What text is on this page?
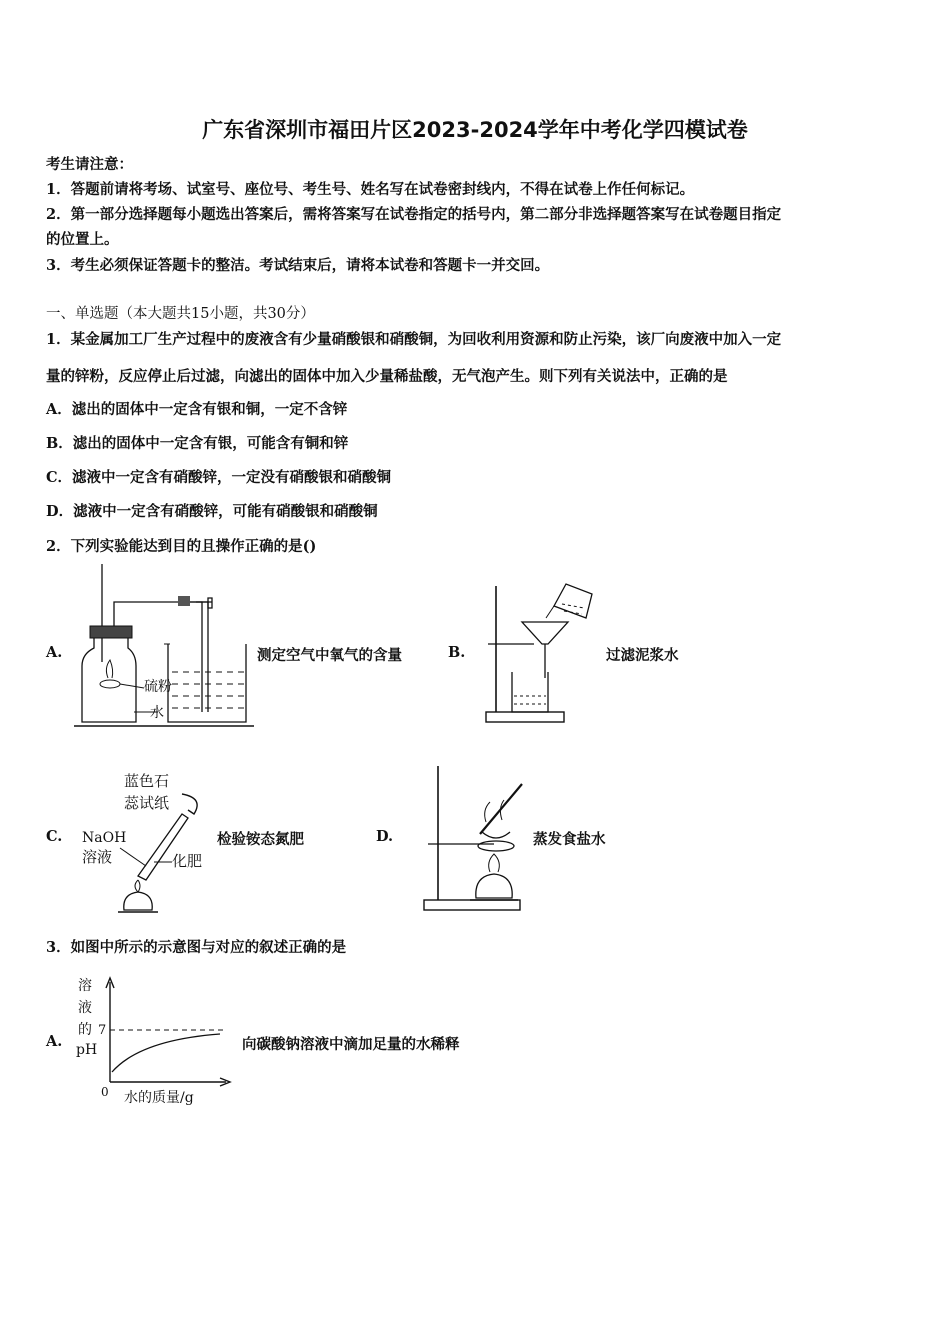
广东省深圳市福田片区2023-2024学年中考化学四模试卷
考生请注意：
1．答题前请将考场、试室号、座位号、考生号、姓名写在试卷密封线内，不得在试卷上作任何标记。
2．第一部分选择题每小题选出答案后，需将答案写在试卷指定的括号内，第二部分非选择题答案写在试卷题目指定
的位置上。
3．考生必须保证答题卡的整洁。考试结束后，请将本试卷和答题卡一并交回。
一、单选题（本大题共15小题，共30分）
1．某金属加工厂生产过程中的废液含有少量硝酸银和硝酸铜，为回收利用资源和防止污染，该厂向废液中加入一定
量的锌粉，反应停止后过滤，向滤出的固体中加入少量稀盐酸，无气泡产生。则下列有关说法中，正确的是
A．滤出的固体中一定含有银和铜，一定不含锌
B．滤出的固体中一定含有银，可能含有铜和锌
C．滤液中一定含有硝酸锌，一定没有硝酸银和硝酸铜
D．滤液中一定含有硝酸锌，可能有硝酸银和硝酸铜
2．下列实验能达到目的且操作正确的是()
A.
硫粉
水
测定空气中氧气的含量	B.	过滤泥浆水
C.
蓝色石
蕊试纸
NaOH
溶液	化肥
检验铵态氮肥	D.	蒸发食盐水
3．如图中所示的示意图与对应的叙述正确的是
A.
溶
液
的
pH
7
0 水的质量/g
向碳酸钠溶液中滴加足量的水稀释
